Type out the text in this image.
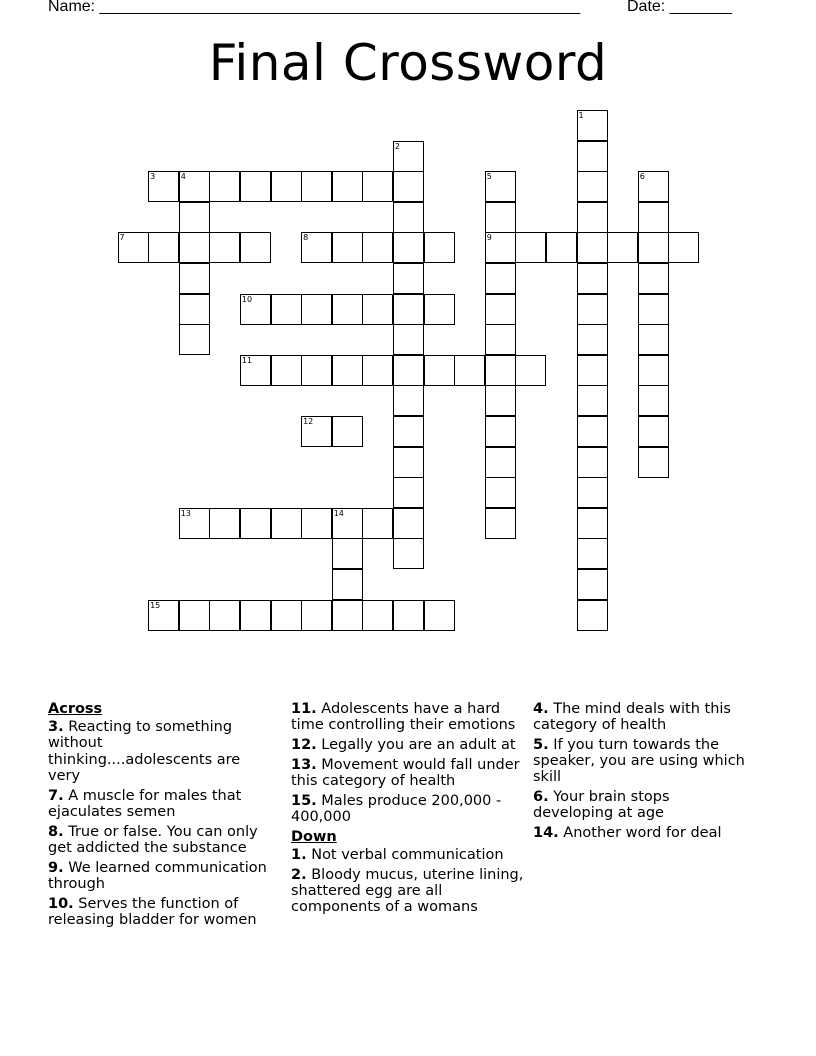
Name: ______________________________________________________	Date: _______
Final Crossword
1
2
3	4	5
9
6
7	8
10
11
12
13	14
15
Across
3. Reacting to something without thinking....adolescents are very
7. A muscle for males that ejaculates semen
8. True or false. You can only get addicted the substance
9. We learned communication through
10. Serves the function of releasing bladder for women
11. Adolescents have a hard time controlling their emotions
12. Legally you are an adult at
13. Movement would fall under this category of health
15. Males produce 200,000 - 400,000
Down
1. Not verbal communication
2. Bloody mucus, uterine lining, shattered egg are all components of a womans
4. The mind deals with this category of health
5. If you turn towards the speaker, you are using which skill
6. Your brain stops developing at age
14. Another word for deal
